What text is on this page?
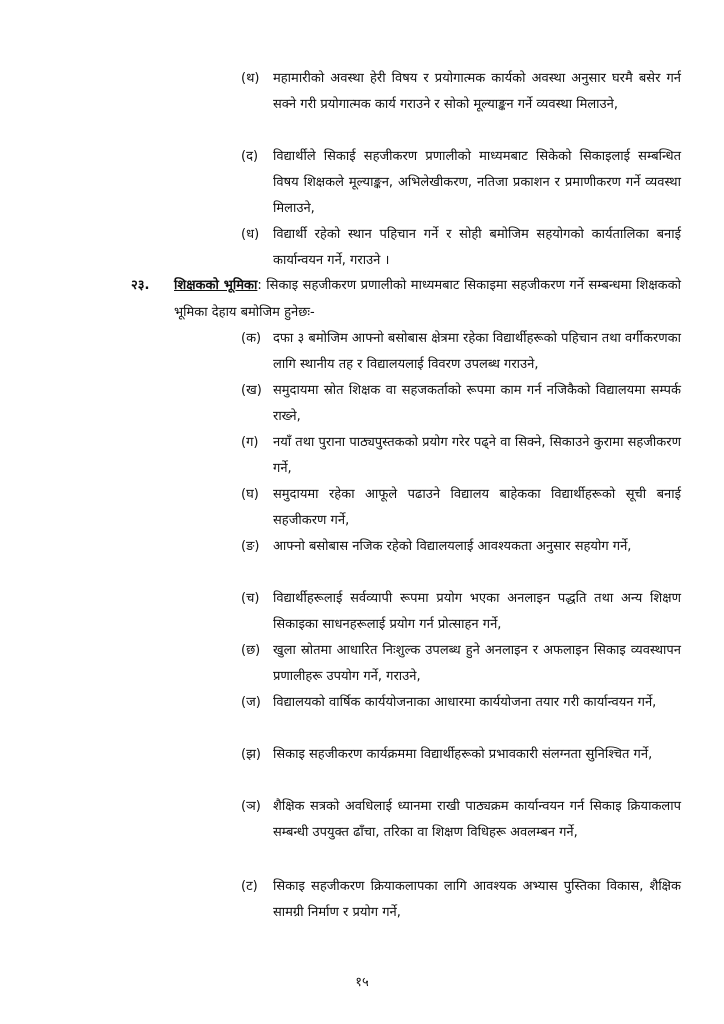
(थ)	महामारीको अवस्था हेरी विषय र प्रयोगात्मक कार्यको अवस्था अनुसार घरमै बसेर गर्न सक्ने गरी प्रयोगात्मक कार्य गराउने र सोको मूल्याङ्कन गर्ने व्यवस्था मिलाउने,
(द)	विद्यार्थीले सिकाई सहजीकरण प्रणालीको माध्यमबाट सिकेको सिकाइलाई सम्बन्धित विषय शिक्षकले मूल्याङ्कन, अभिलेखीकरण, नतिजा प्रकाशन र प्रमाणीकरण गर्ने व्यवस्था मिलाउने,
(ध)	विद्यार्थी रहेको स्थान पहिचान गर्ने र सोही बमोजिम सहयोगको कार्यतालिका बनाई कार्यान्वयन गर्ने, गराउने ।
२३. शिक्षकको भूमिका: सिकाइ सहजीकरण प्रणालीको माध्यमबाट सिकाइमा सहजीकरण गर्ने सम्बन्धमा शिक्षकको भूमिका देहाय बमोजिम हुनेछः-
(क) दफा ३ बमोजिम आफ्नो बसोबास क्षेत्रमा रहेका विद्यार्थीहरूको पहिचान तथा वर्गीकरणका लागि स्थानीय तह र विद्यालयलाई विवरण उपलब्ध गराउने,
(ख) समुदायमा स्रोत शिक्षक वा सहजकर्ताको रूपमा काम गर्न नजिकैको विद्यालयमा सम्पर्क राख्ने,
(ग)	नयाँ तथा पुराना पाठ्यपुस्तकको प्रयोग गरेर पढ्ने वा सिक्ने, सिकाउने कुरामा सहजीकरण गर्ने,
(घ)	समुदायमा रहेका आफूले पढाउने विद्यालय बाहेकका विद्यार्थीहरूको सूची बनाई सहजीकरण गर्ने,
(ङ)	आफ्नो बसोबास नजिक रहेको विद्यालयलाई आवश्यकता अनुसार सहयोग गर्ने,
(च)	विद्यार्थीहरूलाई सर्वव्यापी रूपमा प्रयोग भएका अनलाइन पद्धति तथा अन्य शिक्षण सिकाइका साधनहरूलाई प्रयोग गर्न प्रोत्साहन गर्ने,
(छ) खुला स्रोतमा आधारित निःशुल्क उपलब्ध हुने अनलाइन र अफलाइन सिकाइ व्यवस्थापन प्रणालीहरू उपयोग गर्ने, गराउने,
(ज) विद्यालयको वार्षिक कार्ययोजनाका आधारमा कार्ययोजना तयार गरी कार्यान्वयन गर्ने,
(झ) सिकाइ सहजीकरण कार्यक्रममा विद्यार्थीहरूको प्रभावकारी संलग्नता सुनिश्चित गर्ने,
(ञ) शैक्षिक सत्रको अवधिलाई ध्यानमा राखी पाठ्यक्रम कार्यान्वयन गर्न सिकाइ क्रियाकलाप सम्बन्धी उपयुक्त ढाँचा, तरिका वा शिक्षण विधिहरू अवलम्बन गर्ने,
(ट)	सिकाइ सहजीकरण क्रियाकलापका लागि आवश्यक अभ्यास पुस्तिका विकास, शैक्षिक सामग्री निर्माण र प्रयोग गर्ने,
१५
